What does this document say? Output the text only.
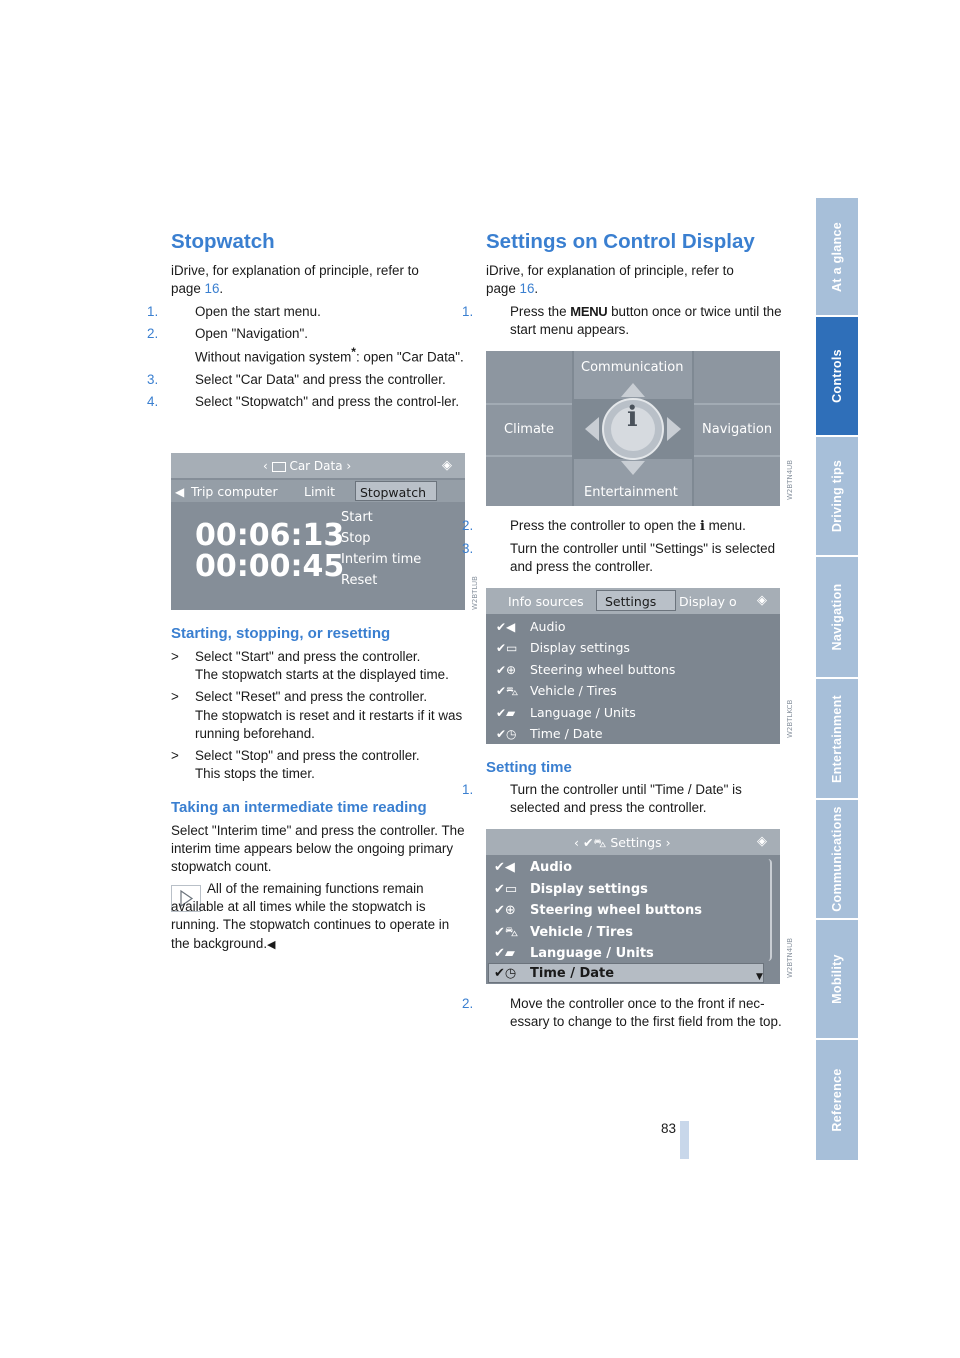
Stopwatch

iDrive, for explanation of principle, refer to

page 16.

1.	Open the start menu.

2.	Open "Navigation".
Without navigation system*: open "Car Data".

3.	Select "Car Data" and press the controller.

4.	Select "Stopwatch" and press the control-ler.

‹  Car Data ›	◈
◀ Trip computer Limit	Stopwatch
00:06:13
00:00:45
Start
Stop
Interim time
Reset	W2BTLUB
Starting, stopping, or resetting
> Select "Start" and press the controller.

The stopwatch starts at the displayed time.

> Select "Reset" and press the controller.

The stopwatch is reset and it restarts if it was running beforehand.

> Select "Stop" and press the controller.

This stops the timer.

Taking an intermediate time reading

Select "Interim time" and press the controller. The interim time appears below the ongoing primary stopwatch count.

All of the remaining functions remain available at all times while the stopwatch is running. The stopwatch continues to operate in the background.◀

Settings on Control Display

iDrive, for explanation of principle, refer to

page 16.

1.	Press the MENU button once or twice until the start menu appears.

Communication
Climate	Navigation
Entertainment
i
W2BTN4UB

2.	Press the controller to open the i menu.

3.	Turn the controller until "Settings" is selected and press the controller.

Info sources	Settings	Display o ◈
✔◀ Audio
✔▭ Display settings
✔⊕ Steering wheel buttons
✔⛍ Vehicle / Tires
✔▰ Language / Units
✔◷ Time / Date	W2BTLKCB
Setting time

1.	Turn the controller until "Time / Date" is selected and press the controller.

‹ ✔⛍ Settings ›	◈
✔◀ Audio
✔▭ Display settings
✔⊕ Steering wheel buttons
✔⛍ Vehicle / Tires
✔▰ Language / Units
✔◷ Time / Date	▼	W2BTN4UB

2.	Move the controller once to the front if nec-essary to change to the first field from the top.

83
At a glance
Controls
Driving tips
Navigation
Entertainment
Communications
Mobility
Reference
